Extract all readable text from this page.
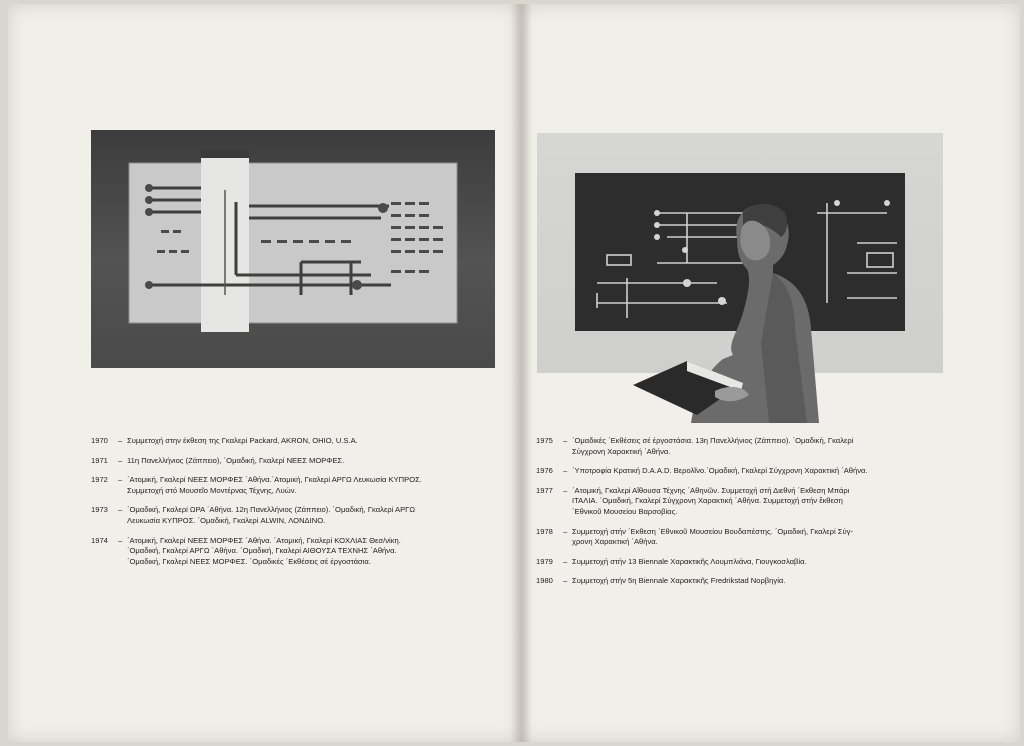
1970	– Συμμετοχή στην έκθεση της Γκαλερί Packard, AKRON, OHIO, U.S.A.
1971	– 11η Πανελλήνιος (Ζάππειο), ΄Ομαδική, Γκαλερί ΝΕΕΣ ΜΟΡΦΕΣ.
1972	– ΄Ατομική, Γκαλερί ΝΕΕΣ ΜΟΡΦΕΣ ΄Αθήνα.΄Ατομική, Γκαλερί ΑΡΓΩ Λευκωσία ΚΥΠΡΟΣ.
Συμμετοχή στό Μουσεῖο Μοντέρνας Τέχνης, Λυών.
1973	– ΄Ομαδική, Γκαλερί ΩΡΑ ΄Αθήνα. 12η Πανελλήνιος (Ζάππειο). ΄Ομαδική, Γκαλερί ΑΡΓΩ
Λευκωσία ΚΥΠΡΟΣ. ΄Ομαδική, Γκαλερί ALWIN, ΛΟΝΔΙΝΟ.
1974	– ΄Ατομική, Γκαλερί ΝΕΕΣ ΜΟΡΦΕΣ ΄Αθήνα. ΄Ατομική, Γκαλερί ΚΟΧΛΙΑΣ Θεσ/νίκη.
΄Ομαδική, Γκαλερί ΑΡΓΩ ΄Αθήνα. ΄Ομαδική, Γκαλερί ΑΙΘΟΥΣΑ ΤΕΧΝΗΣ ΄Αθήνα.
΄Ομαδική, Γκαλερί ΝΕΕΣ ΜΟΡΦΕΣ. ΄Ομαδικές ΄Εκθέσεις σέ ἐργοστάσια.
1975	– ΄Ομαδικές ΄Εκθέσεις σέ ἐργοστάσια. 13η Πανελλήνιος (Ζάππειο). ΄Ομαδική, Γκαλερί
Σύγχρονη Χαρακτική ΄Αθήνα.
1976	– ΄Υποτροφία Κρατική D.A.A.D. Βερολῖνο.΄Ομαδική, Γκαλερί Σύγχρονη Χαρακτική ΄Αθήνα.
1977	– ΄Ατομική, Γκαλερί Αἴθουσα Τέχνης ΄Αθηνῶν. Συμμετοχή στή Διεθνή ΄Εκθεση Μπάρι
ΙΤΑΛΙΑ. ΄Ομαδική, Γκαλερί Σύγχρονη Χαρακτική ΄Αθήνα. Συμμετοχή στήν ἔκθεση
΄Εθνικοῦ Μουσείου Βαρσοβίας.
1978	– Συμμετοχή στήν ΄Εκθεση ΄Εθνικοῦ Μουσείου Βουδαπέστης. ΄Ομαδική, Γκαλερί Σύγ-
χρονη Χαρακτική ΄Αθήνα.
1979	– Συμμετοχή στήν 13 Biennale Χαρακτικῆς Λουμπλιάνα, Γιουγκοσλαβία.
1980	– Συμμετοχή στήν 5η Biennale Χαρακτικῆς Fredrikstad Νορβηγία.
